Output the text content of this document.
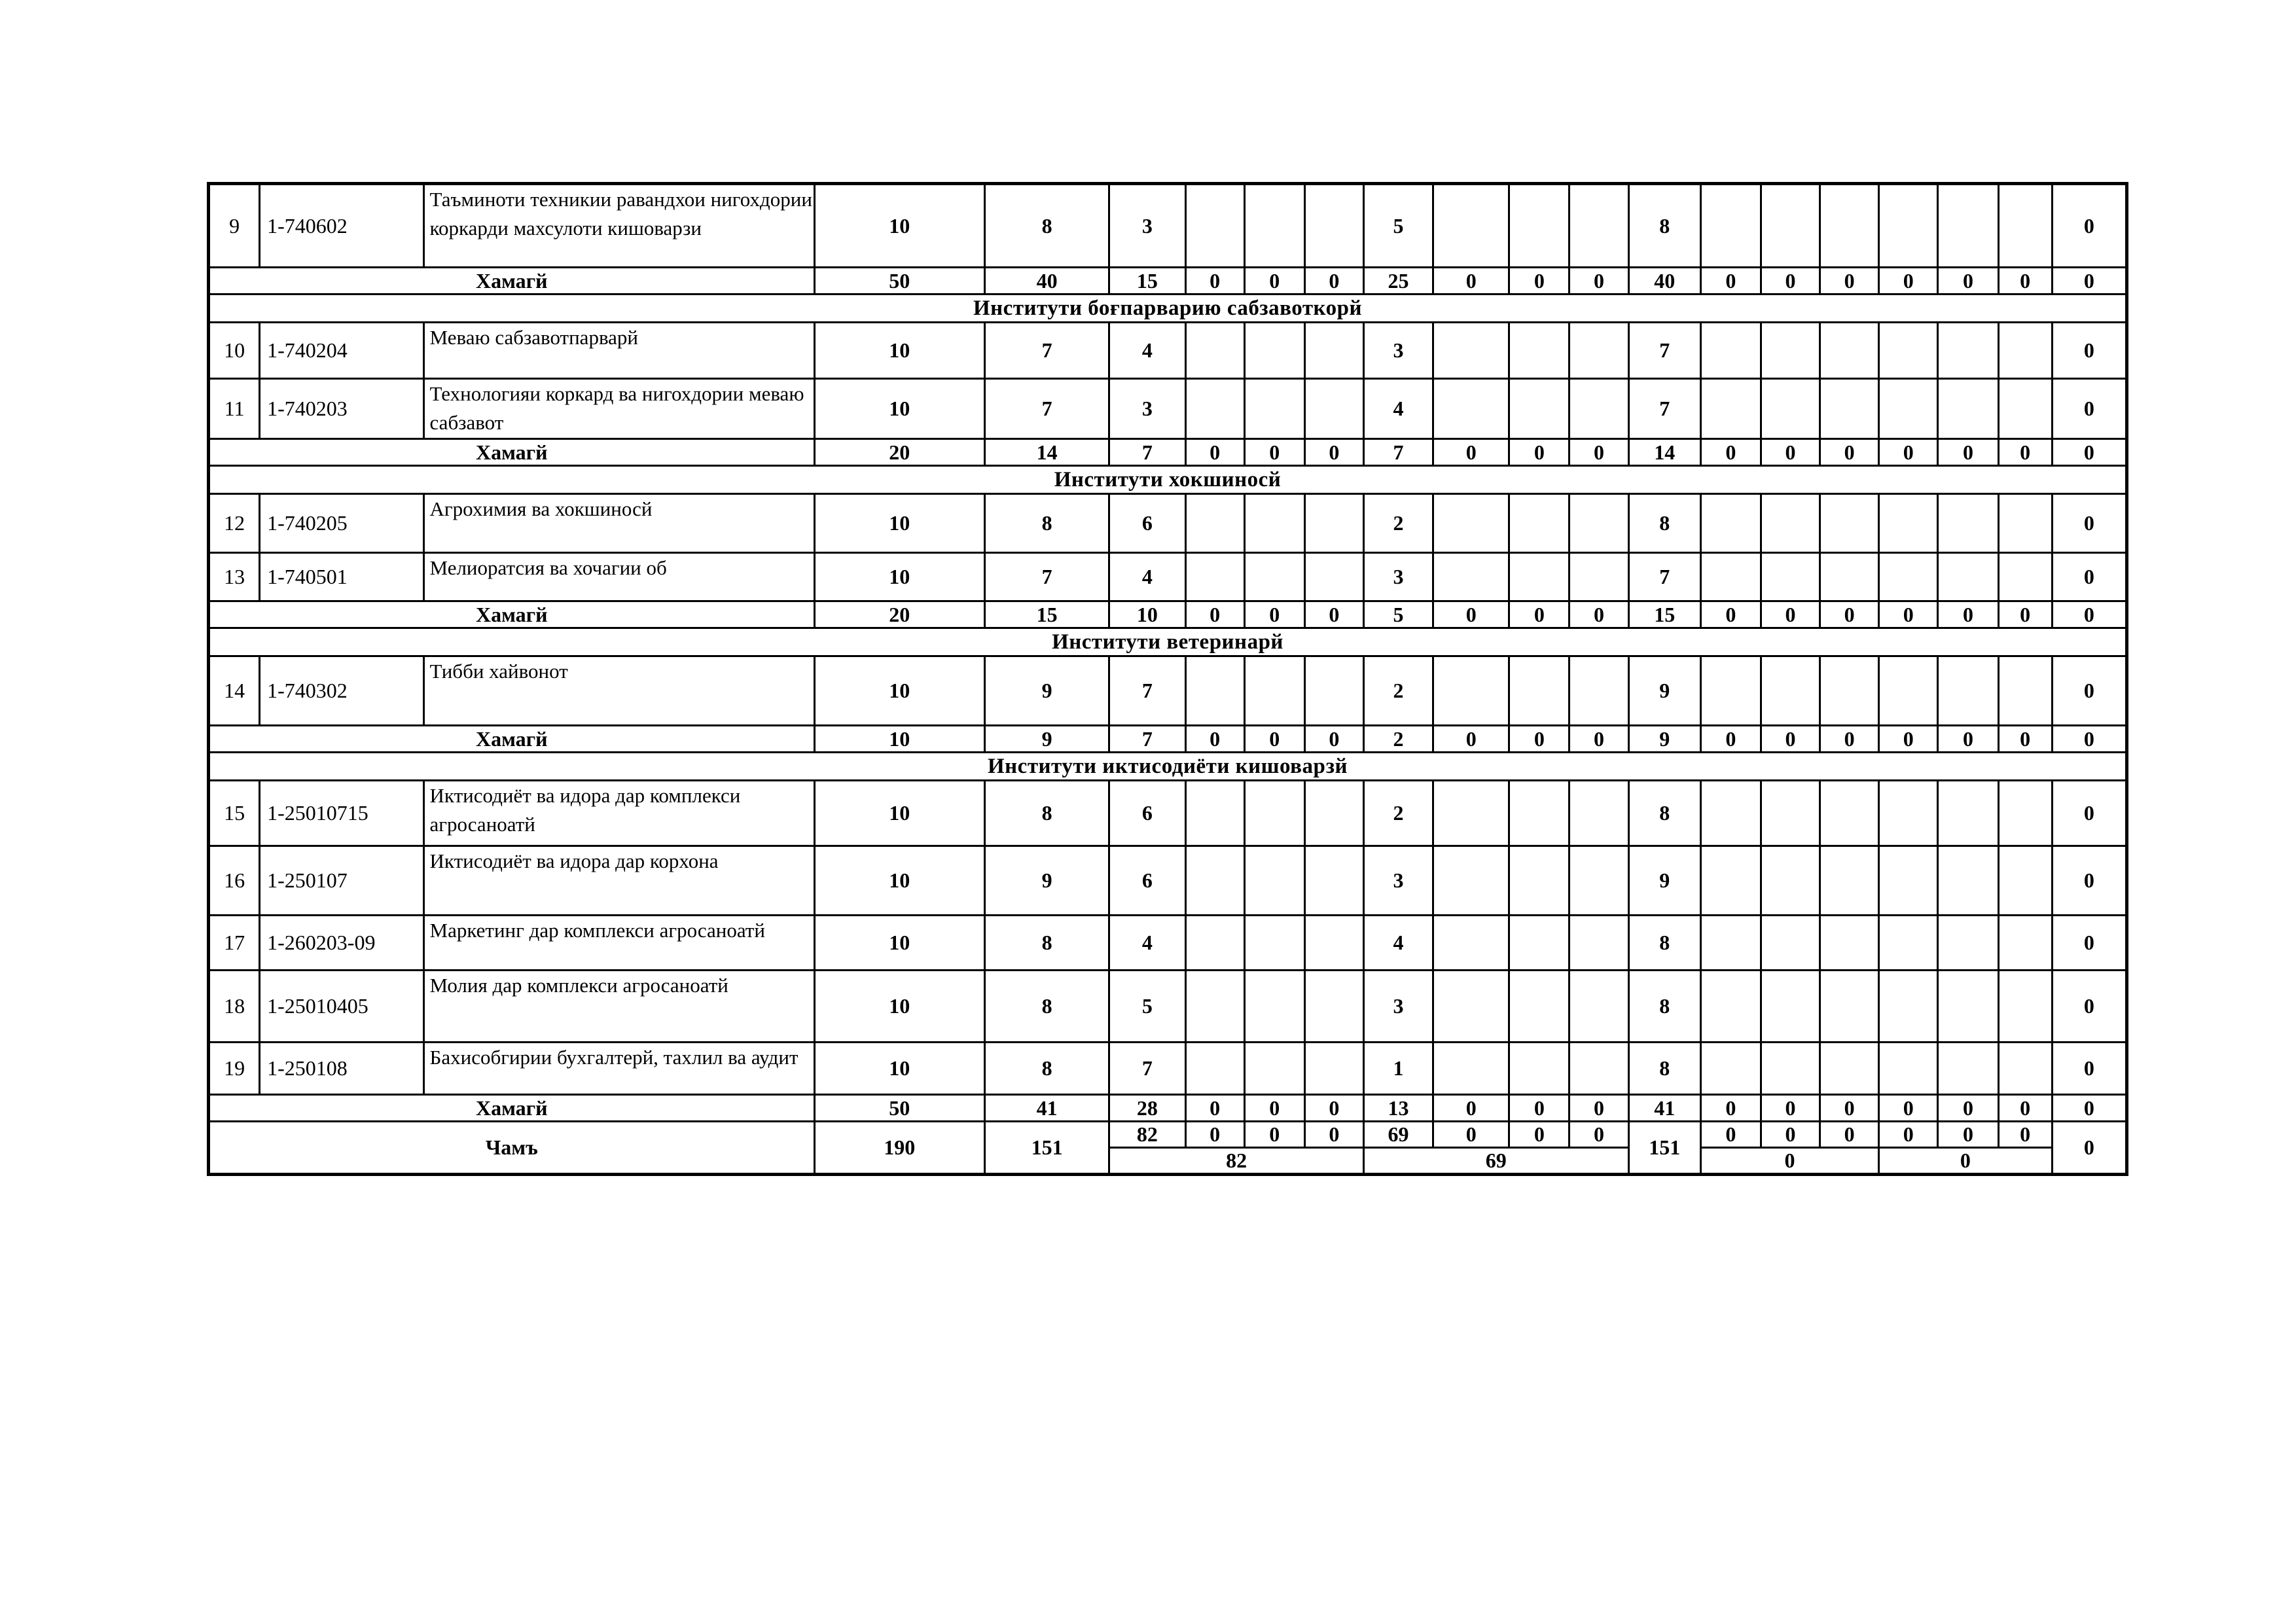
9	1-740602	Таъминоти техникии равандхои нигохдории коркарди махсулоти кишоварзи	10	8	3				5				8							0
Хамагй			50	40	15	0	0	0	25	0	0	0	40	0	0	0	0	0	0	0
Институти боғпарварию сабзавоткорй																				
10	1-740204	Меваю сабзавотпарварй	10	7	4				3				7							0
11	1-740203	Технологияи коркард ва нигохдории меваю сабзавот	10	7	3				4				7							0
Хамагй			20	14	7	0	0	0	7	0	0	0	14	0	0	0	0	0	0	0
Институти хокшиносй																				
12	1-740205	Агрохимия ва хокшиносй	10	8	6				2				8							0
13	1-740501	Мелиоратсия ва хочагии об	10	7	4				3				7							0
Хамагй			20	15	10	0	0	0	5	0	0	0	15	0	0	0	0	0	0	0
Институти ветеринарй																				
14	1-740302	Тибби хайвонот	10	9	7				2				9							0
Хамагй			10	9	7	0	0	0	2	0	0	0	9	0	0	0	0	0	0	0
Институти иктисодиёти кишоварзй																				
15	1-25010715	Иктисодиёт ва идора дар комплекси агросаноатй	10	8	6				2				8							0
16	1-250107	Иктисодиёт ва идора дар корхона	10	9	6				3				9							0
17	1-260203-09	Маркетинг дар комплекси агросаноатй	10	8	4				4				8							0
18	1-25010405	Молия дар комплекси агросаноатй	10	8	5				3				8							0
19	1-250108	Бахисобгирии бухгалтерй, тахлил ва аудит	10	8	7				1				8							0
Хамагй			50	41	28	0	0	0	13	0	0	0	41	0	0	0	0	0	0	0
Чамъ			190	151	82	0	0	0	69	0	0	0	151	0	0	0	0	0	0	0
					82				69					0			0			
